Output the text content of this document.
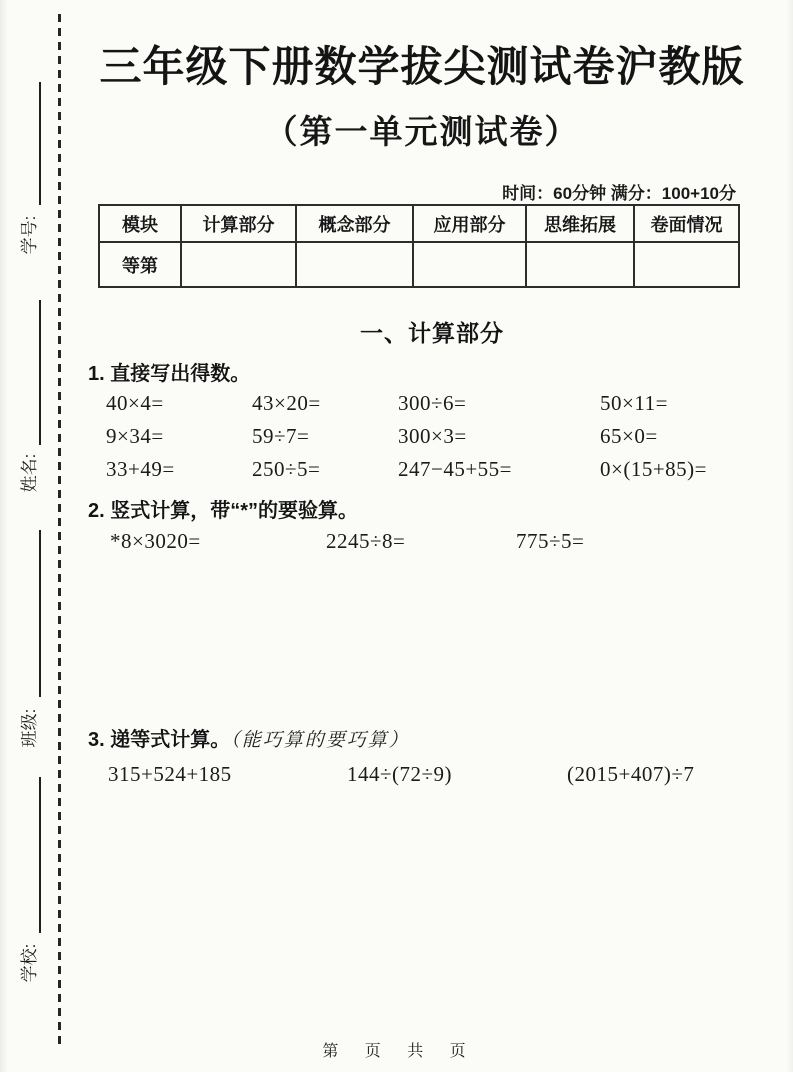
学号:
姓名:
班级:
学校:
三年级下册数学拔尖测试卷沪教版
（第一单元测试卷）
时间：60分钟 满分：100+10分
模块	计算部分	概念部分	应用部分	思维拓展	卷面情况
等第					
一、计算部分
1. 直接写出得数。
40×4=	43×20=	300÷6=	50×11=
9×34=	59÷7=	300×3=	65×0=
33+49=	250÷5=	247−45+55=	0×(15+85)=
2. 竖式计算，带“*”的要验算。
*8×3020=	2245÷8=	775÷5=
3. 递等式计算。（能巧算的要巧算）
315+524+185	144÷(72÷9)	(2015+407)÷7
第 页 共 页
